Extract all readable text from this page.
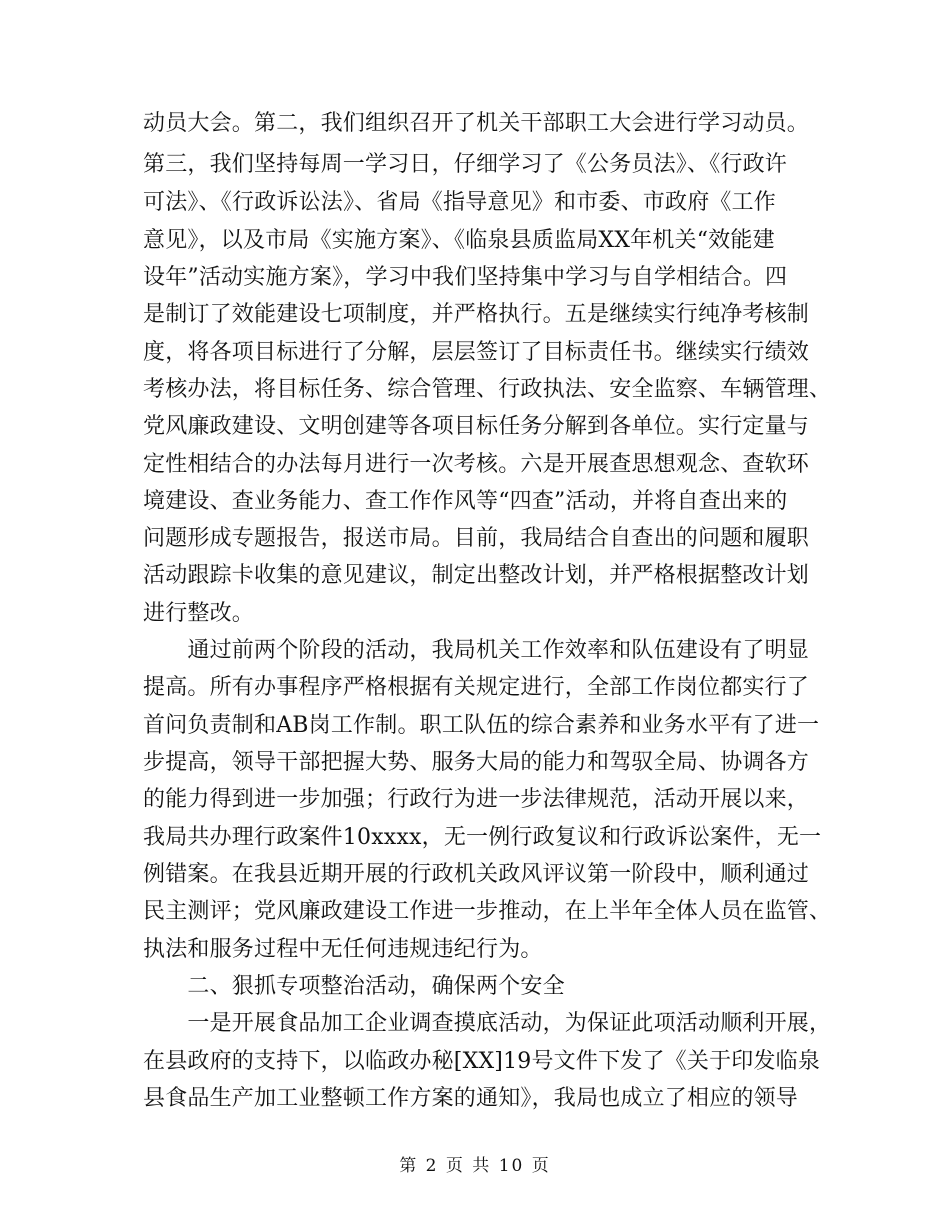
动员大会。第二，我们组织召开了机关干部职工大会进行学习动员。
第三，我们坚持每周一学习日，仔细学习了《公务员法》、《行政许
可法》、《行政诉讼法》、省局《指导意见》和市委、市政府《工作
意见》，以及市局《实施方案》、《临泉县质监局XX年机关“效能建
设年”活动实施方案》，学习中我们坚持集中学习与自学相结合。四
是制订了效能建设七项制度，并严格执行。五是继续实行纯净考核制
度，将各项目标进行了分解，层层签订了目标责任书。继续实行绩效
考核办法，将目标任务、综合管理、行政执法、安全监察、车辆管理、
党风廉政建设、文明创建等各项目标任务分解到各单位。实行定量与
定性相结合的办法每月进行一次考核。六是开展查思想观念、查软环
境建设、查业务能力、查工作作风等“四查”活动，并将自查出来的
问题形成专题报告，报送市局。目前，我局结合自查出的问题和履职
活动跟踪卡收集的意见建议，制定出整改计划，并严格根据整改计划
进行整改。
　　通过前两个阶段的活动，我局机关工作效率和队伍建设有了明显
提高。所有办事程序严格根据有关规定进行，全部工作岗位都实行了
首问负责制和AB岗工作制。职工队伍的综合素养和业务水平有了进一
步提高，领导干部把握大势、服务大局的能力和驾驭全局、协调各方
的能力得到进一步加强；行政行为进一步法律规范，活动开展以来，
我局共办理行政案件10xxxx，无一例行政复议和行政诉讼案件，无一
例错案。在我县近期开展的行政机关政风评议第一阶段中，顺利通过
民主测评；党风廉政建设工作进一步推动，在上半年全体人员在监管、
执法和服务过程中无任何违规违纪行为。
　　二、狠抓专项整治活动，确保两个安全
　　一是开展食品加工企业调查摸底活动，为保证此项活动顺利开展，
在县政府的支持下，以临政办秘[XX]19号文件下发了《关于印发临泉
县食品生产加工业整顿工作方案的通知》，我局也成立了相应的领导
第 2 页 共 10 页
